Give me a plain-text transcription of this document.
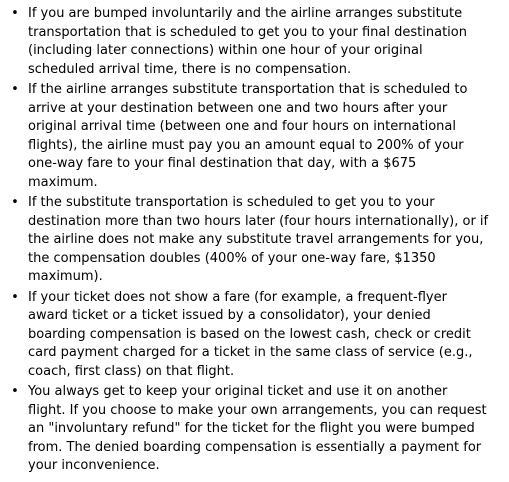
• If you are bumped involuntarily and the airline arranges substitute
transportation that is scheduled to get you to your final destination
(including later connections) within one hour of your original
scheduled arrival time, there is no compensation.
• If the airline arranges substitute transportation that is scheduled to
arrive at your destination between one and two hours after your
original arrival time (between one and four hours on international
flights), the airline must pay you an amount equal to 200% of your
one-way fare to your final destination that day, with a $675
maximum.
• If the substitute transportation is scheduled to get you to your
destination more than two hours later (four hours internationally), or if
the airline does not make any substitute travel arrangements for you,
the compensation doubles (400% of your one-way fare, $1350
maximum).
• If your ticket does not show a fare (for example, a frequent-flyer
award ticket or a ticket issued by a consolidator), your denied
boarding compensation is based on the lowest cash, check or credit
card payment charged for a ticket in the same class of service (e.g.,
coach, first class) on that flight.
• You always get to keep your original ticket and use it on another
flight. If you choose to make your own arrangements, you can request
an "involuntary refund" for the ticket for the flight you were bumped
from. The denied boarding compensation is essentially a payment for
your inconvenience.
